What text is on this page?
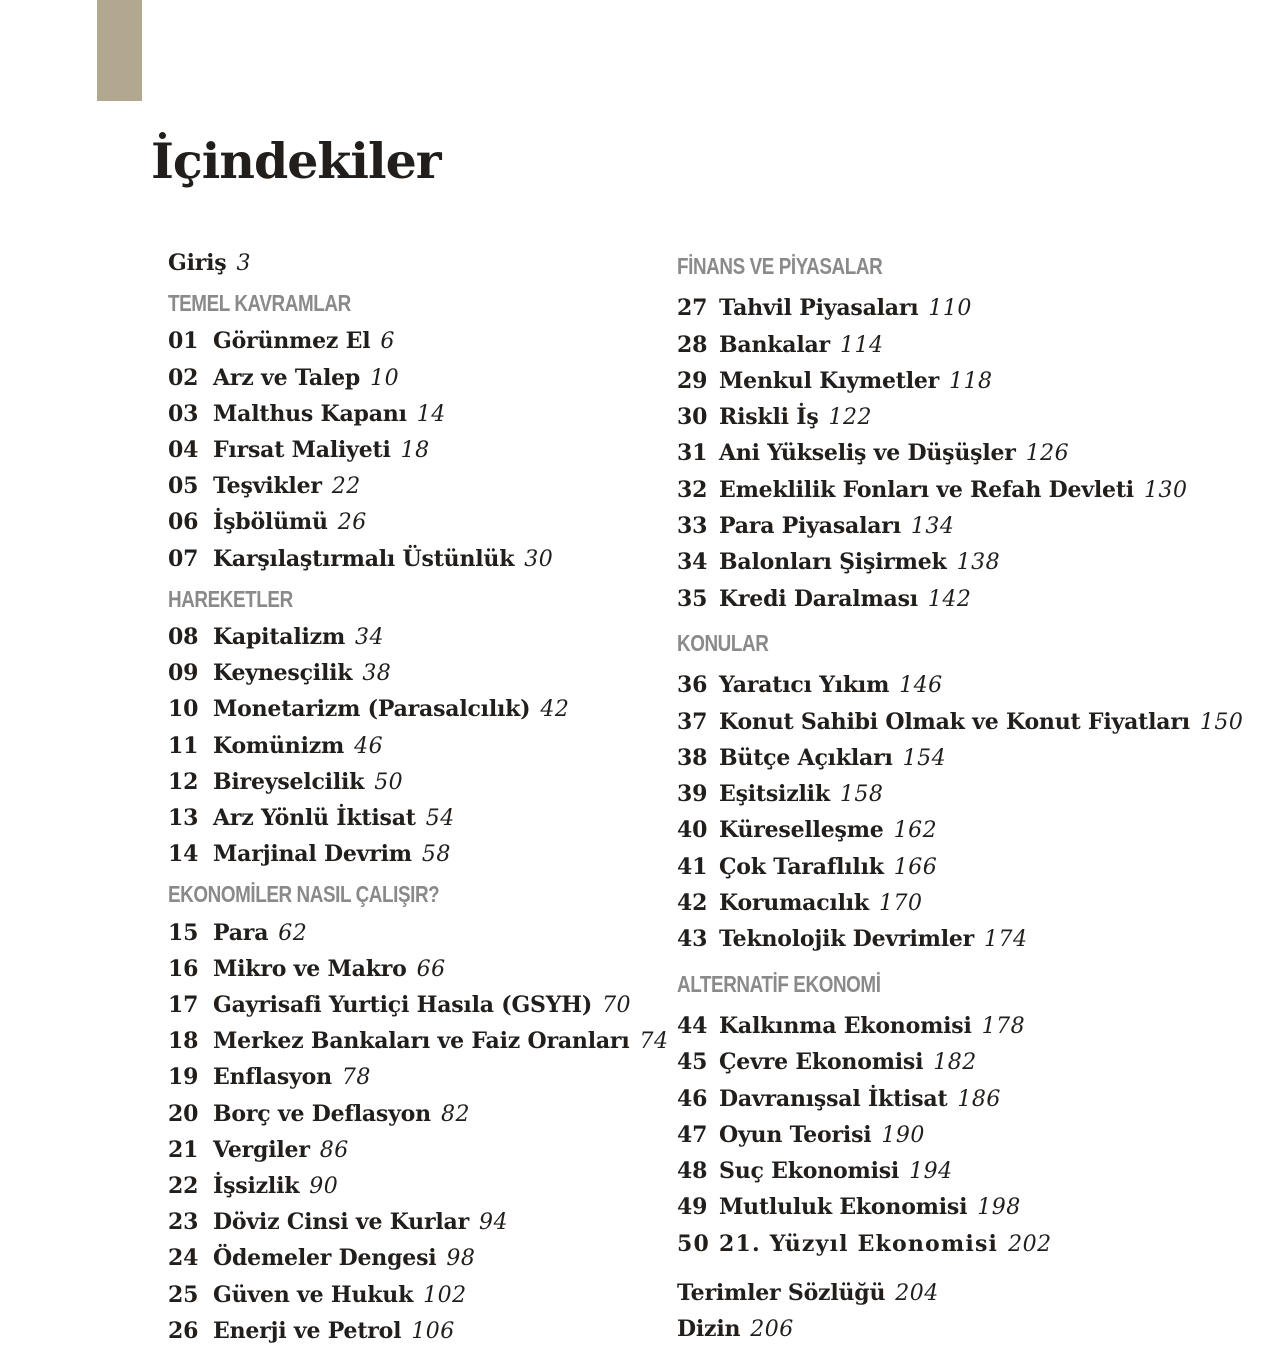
İçindekiler
Giriş 3
TEMEL KAVRAMLAR
01 Görünmez El 6
02 Arz ve Talep 10
03 Malthus Kapanı 14
04 Fırsat Maliyeti 18
05 Teşvikler 22
06 İşbölümü 26
07 Karşılaştırmalı Üstünlük 30
HAREKETLER
08 Kapitalizm 34
09 Keynesçilik 38
10 Monetarizm (Parasalcılık) 42
11 Komünizm 46
12 Bireyselcilik 50
13 Arz Yönlü İktisat 54
14 Marjinal Devrim 58
EKONOMİLER NASIL ÇALIŞIR?
15 Para 62
16 Mikro ve Makro 66
17 Gayrisafi Yurtiçi Hasıla (GSYH) 70
18 Merkez Bankaları ve Faiz Oranları 74
19 Enflasyon 78
20 Borç ve Deflasyon 82
21 Vergiler 86
22 İşsizlik 90
23 Döviz Cinsi ve Kurlar 94
24 Ödemeler Dengesi 98
25 Güven ve Hukuk 102
26 Enerji ve Petrol 106
FİNANS VE PİYASALAR
27 Tahvil Piyasaları 110
28 Bankalar 114
29 Menkul Kıymetler 118
30 Riskli İş 122
31 Ani Yükseliş ve Düşüşler 126
32 Emeklilik Fonları ve Refah Devleti 130
33 Para Piyasaları 134
34 Balonları Şişirmek 138
35 Kredi Daralması 142
KONULAR
36 Yaratıcı Yıkım 146
37 Konut Sahibi Olmak ve Konut Fiyatları 150
38 Bütçe Açıkları 154
39 Eşitsizlik 158
40 Küreselleşme 162
41 Çok Taraflılık 166
42 Korumacılık 170
43 Teknolojik Devrimler 174
ALTERNATİF EKONOMİ
44 Kalkınma Ekonomisi 178
45 Çevre Ekonomisi 182
46 Davranışsal İktisat 186
47 Oyun Teorisi 190
48 Suç Ekonomisi 194
49 Mutluluk Ekonomisi 198
50 21. Yüzyıl Ekonomisi 202
Terimler Sözlüğü 204
Dizin 206
